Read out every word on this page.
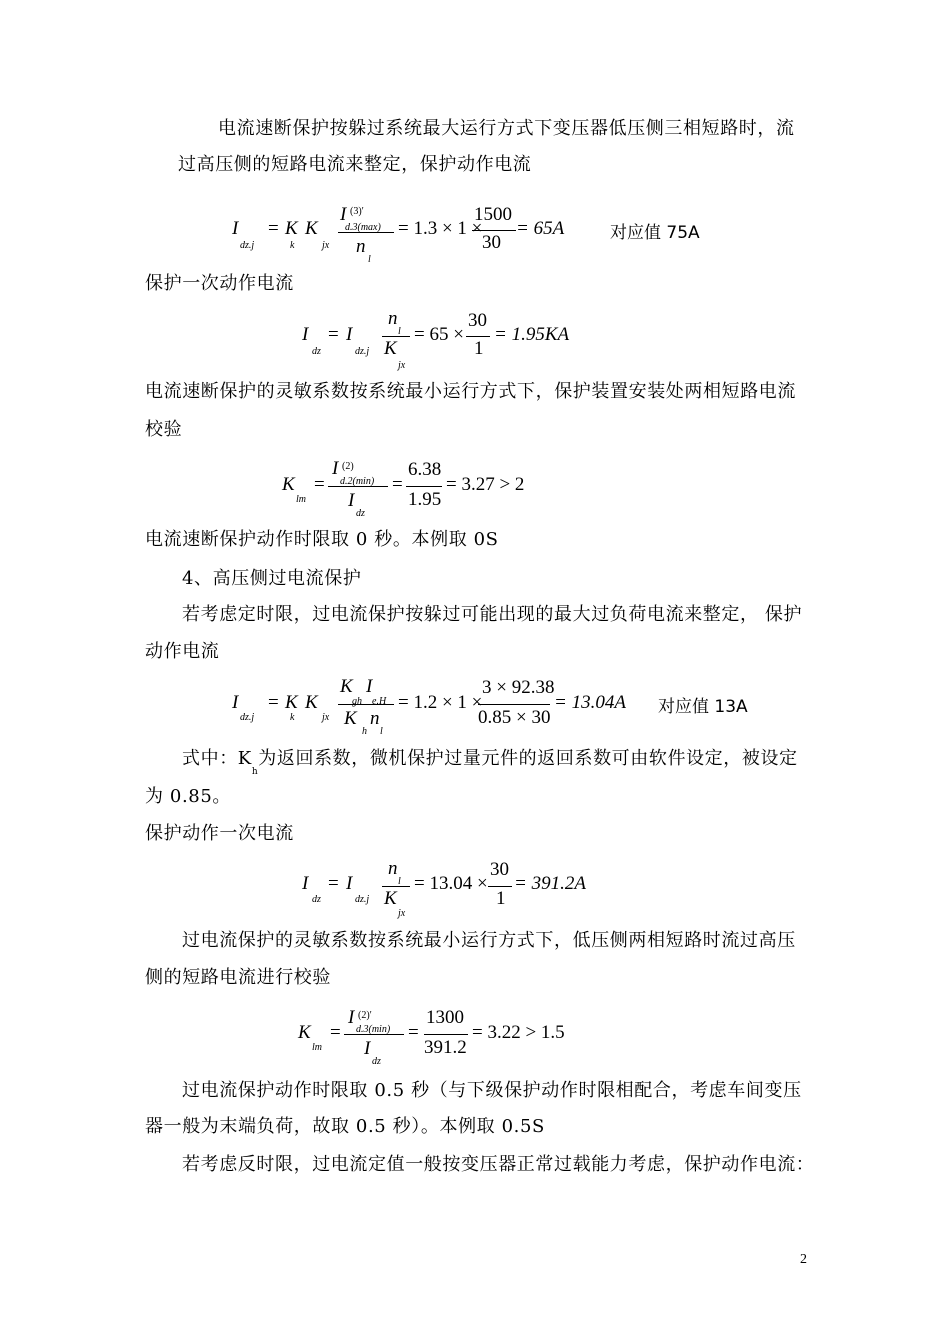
电流速断保护按躲过系统最大运行方式下变压器低压侧三相短路时，流
过高压侧的短路电流来整定，保护动作电流
I
dz.j
= K
k
K
jx
I (3)′
d.3(max)
n
l
= 1.3 × 1 ×
1500
30
= 65A	对应值 75A
保护一次动作电流
I
dz
= I
dz.j
n
l
K
jx
= 65 ×
30
1
= 1.95KA
电流速断保护的灵敏系数按系统最小运行方式下，保护装置安装处两相短路电流
校验
K
lm
=
I (2)
d.2(min)
I
dz
=
6.38
1.95
= 3.27 > 2
电流速断保护动作时限取 0 秒。本例取 0S
4、高压侧过电流保护
若考虑定时限，过电流保护按躲过可能出现的最大过负荷电流来整定， 保护
动作电流
I
dz.j
= K
k
K
jx
K
gh
I
e.H
K
h
n
l
= 1.2 × 1 ×
3 × 92.38
0.85 × 30
= 13.04A 对应值 13A
式中：$K_h$为返回系数，微机保护过量元件的返回系数可由软件设定，被设定
为 0.85。
保护动作一次电流
I
dz
= I
dz.j
n
l
K
jx
= 13.04 ×
30
1
= 391.2A
过电流保护的灵敏系数按系统最小运行方式下，低压侧两相短路时流过高压
侧的短路电流进行校验
K
lm
=
I (2)′
d.3(min)
I
dz
=
1300
391.2
= 3.22 > 1.5
过电流保护动作时限取 0.5 秒（与下级保护动作时限相配合，考虑车间变压
器一般为末端负荷，故取 0.5 秒）。本例取 0.5S
若考虑反时限，过电流定值一般按变压器正常过载能力考虑，保护动作电流：
2
